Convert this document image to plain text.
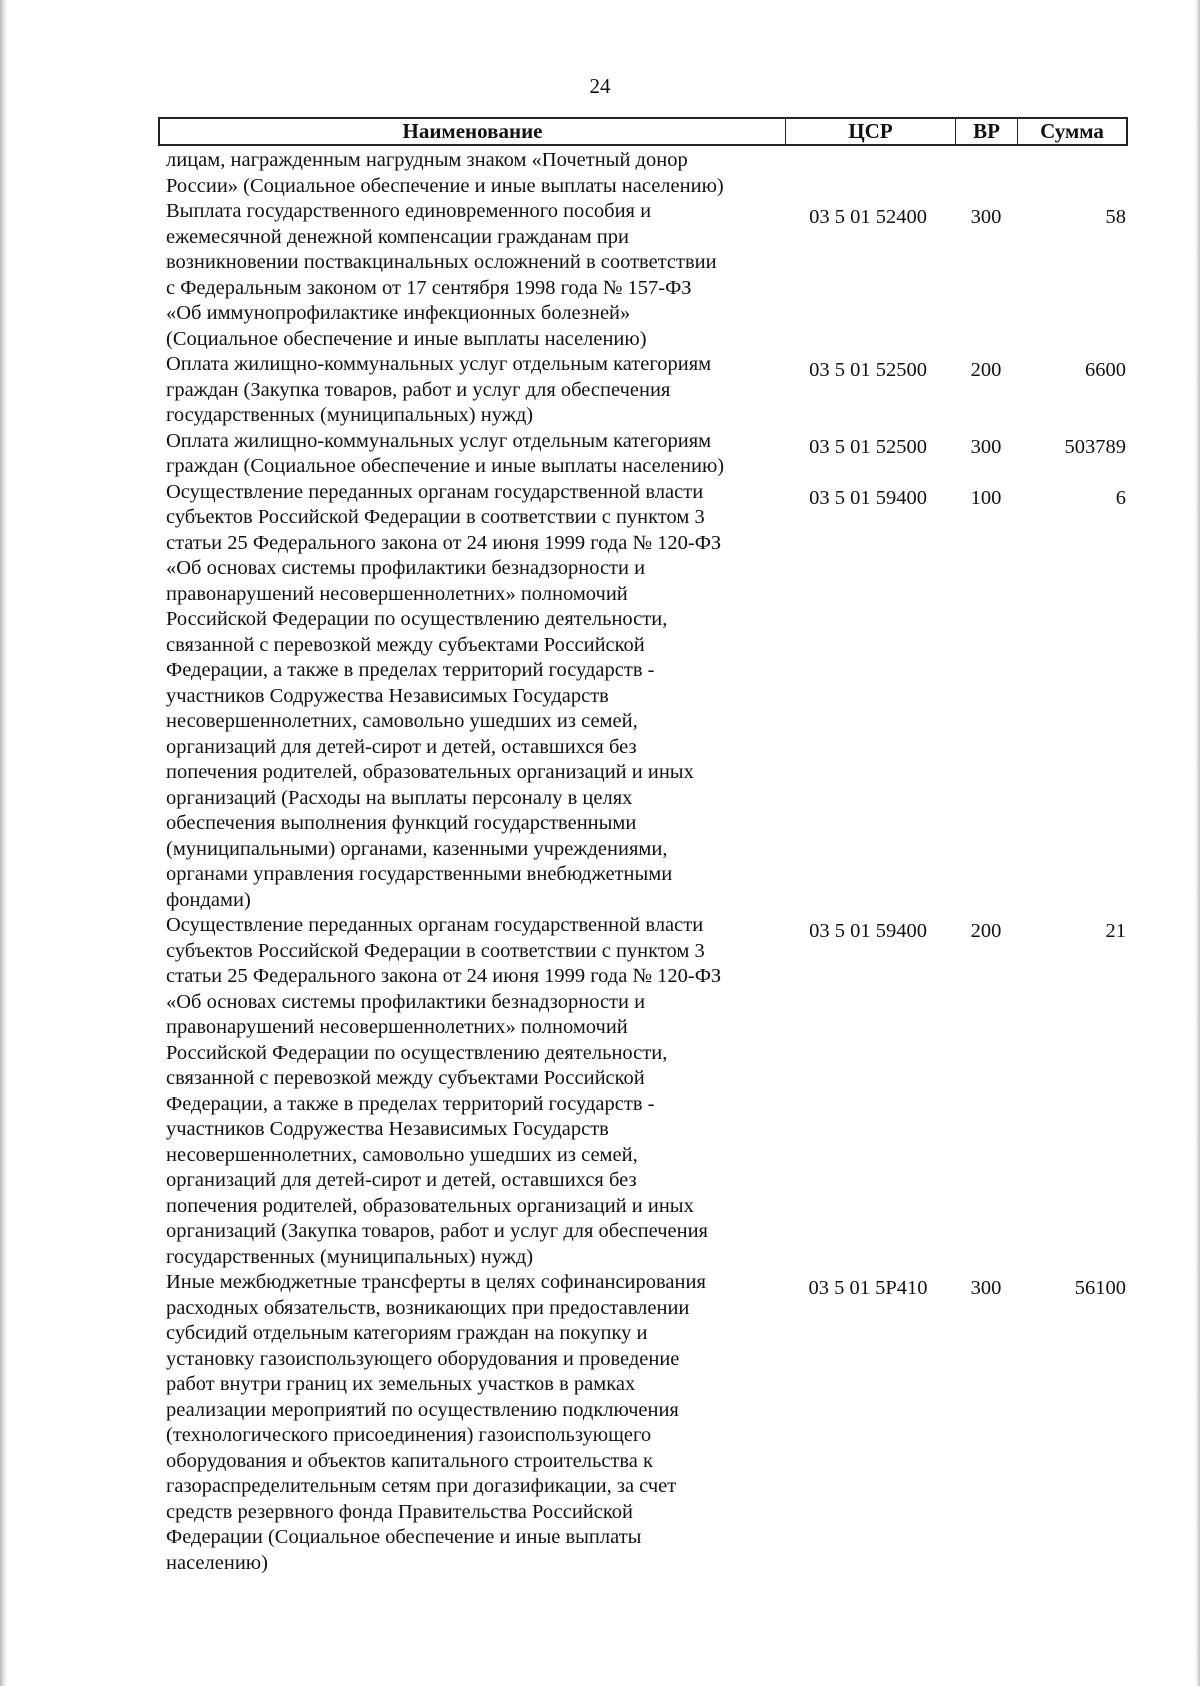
24
Наименование	ЦСР	ВР	Сумма
лицам, награжденным нагрудным знаком «Почетный донор
России» (Социальное обеспечение и иные выплаты населению)
Выплата государственного единовременного пособия и
ежемесячной денежной компенсации гражданам при
возникновении поствакцинальных осложнений в соответствии
с Федеральным законом от 17 сентября 1998 года № 157-ФЗ
«Об иммунопрофилактике инфекционных болезней»
(Социальное обеспечение и иные выплаты населению)
03 5 01 52400	300	58
Оплата жилищно-коммунальных услуг отдельным категориям
граждан (Закупка товаров, работ и услуг для обеспечения
государственных (муниципальных) нужд)
03 5 01 52500	200	6600
Оплата жилищно-коммунальных услуг отдельным категориям
граждан (Социальное обеспечение и иные выплаты населению)
03 5 01 52500	300	503789
Осуществление переданных органам государственной власти
субъектов Российской Федерации в соответствии с пунктом 3
статьи 25 Федерального закона от 24 июня 1999 года № 120-ФЗ
«Об основах системы профилактики безнадзорности и
правонарушений несовершеннолетних» полномочий
Российской Федерации по осуществлению деятельности,
связанной с перевозкой между субъектами Российской
Федерации, а также в пределах территорий государств -
участников Содружества Независимых Государств
несовершеннолетних, самовольно ушедших из семей,
организаций для детей-сирот и детей, оставшихся без
попечения родителей, образовательных организаций и иных
организаций (Расходы на выплаты персоналу в целях
обеспечения выполнения функций государственными
(муниципальными) органами, казенными учреждениями,
органами управления государственными внебюджетными
фондами)
03 5 01 59400	100	6
Осуществление переданных органам государственной власти
субъектов Российской Федерации в соответствии с пунктом 3
статьи 25 Федерального закона от 24 июня 1999 года № 120-ФЗ
«Об основах системы профилактики безнадзорности и
правонарушений несовершеннолетних» полномочий
Российской Федерации по осуществлению деятельности,
связанной с перевозкой между субъектами Российской
Федерации, а также в пределах территорий государств -
участников Содружества Независимых Государств
несовершеннолетних, самовольно ушедших из семей,
организаций для детей-сирот и детей, оставшихся без
попечения родителей, образовательных организаций и иных
организаций (Закупка товаров, работ и услуг для обеспечения
государственных (муниципальных) нужд)
03 5 01 59400	200	21
Иные межбюджетные трансферты в целях софинансирования
расходных обязательств, возникающих при предоставлении
субсидий отдельным категориям граждан на покупку и
установку газоиспользующего оборудования и проведение
работ внутри границ их земельных участков в рамках
реализации мероприятий по осуществлению подключения
(технологического присоединения) газоиспользующего
оборудования и объектов капитального строительства к
газораспределительным сетям при догазификации, за счет
средств резервного фонда Правительства Российской
Федерации (Социальное обеспечение и иные выплаты
населению)
03 5 01 5Р410	300	56100
